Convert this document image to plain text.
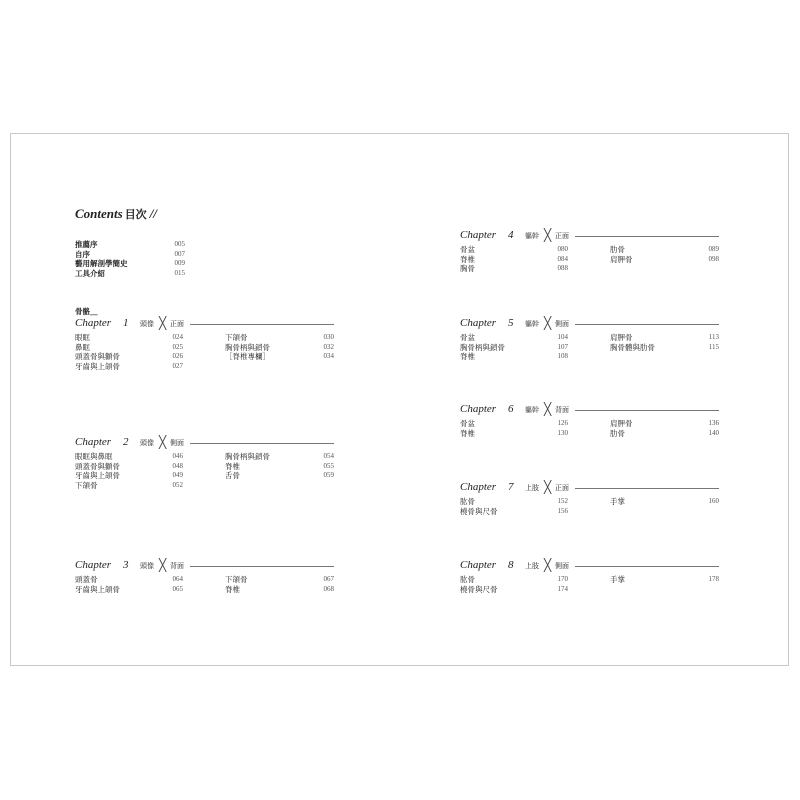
Contents 目次 //
推薦序	005
自序	007
藝用解剖學簡史	009
工具介紹	015
骨骼＿
Chapter 1 頭像 ╳ 正面
眼眶	024
鼻眶	025
頭蓋骨與顴骨	026
牙齒與上頜骨	027
下頜骨	030
胸骨柄與鎖骨	032
［脊椎專欄］	034
Chapter 2 頭像 ╳ 側面
眼眶與鼻眶	046
頭蓋骨與顴骨	048
牙齒與上頜骨	049
下頜骨	052
胸骨柄與鎖骨	054
脊椎	055
舌骨	059
Chapter 3 頭像 ╳ 背面
頭蓋骨	064
牙齒與上頜骨	065
下頜骨	067
脊椎	068
Chapter 4 軀幹 ╳ 正面
骨盆	080
脊椎	084
胸骨	088
肋骨	089
肩胛骨	098
Chapter 5 軀幹 ╳ 側面
骨盆	104
胸骨柄與鎖骨	107
脊椎	108
肩胛骨	113
胸骨體與肋骨	115
Chapter 6 軀幹 ╳ 背面
骨盆	126
脊椎	130
肩胛骨	136
肋骨	140
Chapter 7 上肢 ╳ 正面
肱骨	152
橈骨與尺骨	156
手掌	160
Chapter 8 上肢 ╳ 側面
肱骨	170
橈骨與尺骨	174
手掌	178
